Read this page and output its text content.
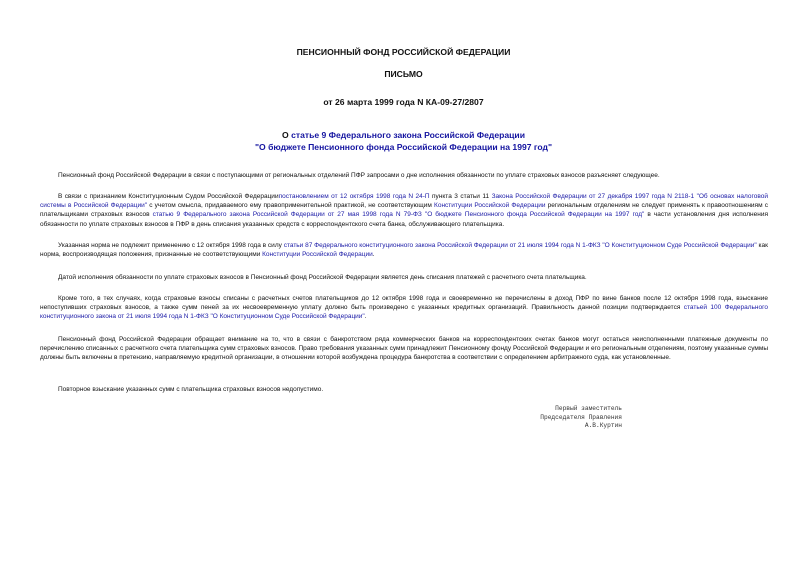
ПЕНСИОННЫЙ ФОНД РОССИЙСКОЙ ФЕДЕРАЦИИ
ПИСЬМО
от 26 марта 1999 года N КА-09-27/2807
О статье 9 Федерального закона Российской Федерации
"О бюджете Пенсионного фонда Российской Федерации на 1997 год"

Пенсионный фонд Российской Федерации в связи с поступающими от региональных отделений ПФР запросами о дне исполнения обязанности по уплате страховых взносов разъясняет следующее.

В связи с признанием Конституционным Судом Российской Федерациипостановлением от 12 октября 1998 года N 24-П пункта 3 статьи 11 Закона Российской Федерации от 27 декабря 1997 года N 2118-1 "Об основах налоговой системы в Российской Федерации" с учетом смысла, придаваемого ему правоприменительной практикой, не соответствующим Конституции Российской Федерации региональным отделениям не следует применять к правоотношениям с плательщиками страховых взносов статью 9 Федерального закона Российской Федерации от 27 мая 1998 года N 79-ФЗ "О бюджете Пенсионного фонда Российской Федерации на 1997 год" в части установления дня исполнения обязанности по уплате страховых взносов в ПФР в день списания указанных средств с корреспондентского счета банка, обслуживающего плательщика.

Указанная норма не подлежит применению с 12 октября 1998 года в силу статьи 87 Федерального конституционного закона Российской Федерации от 21 июля 1994 года N 1-ФКЗ "О Конституционном Суде Российской Федерации" как норма, воспроизводящая положения, признанные не соответствующими Конституции Российской Федерации.

Датой исполнения обязанности по уплате страховых взносов в Пенсионный фонд Российской Федерации является день списания платежей с расчетного счета плательщика.

Кроме того, в тех случаях, когда страховые взносы списаны с расчетных счетов плательщиков до 12 октября 1998 года и своевременно не перечислены в доход ПФР по вине банков после 12 октября 1998 года, взыскание непоступивших страховых взносов, а также сумм пеней за их несвоевременную уплату должно быть произведено с указанных кредитных организаций. Правильность данной позиции подтверждается статьей 100 Федерального конституционного закона от 21 июля 1994 года N 1-ФКЗ "О Конституционном Суде Российской Федерации".

Пенсионный фонд Российской Федерации обращает внимание на то, что в связи с банкротством ряда коммерческих банков на корреспондентских счетах банков могут остаться неисполненными платежные документы по перечислению списанных с расчетного счета плательщика сумм страховых взносов. Право требования указанных сумм принадлежит Пенсионному фонду Российской Федерации и его региональным отделениям, поэтому указанные суммы должны быть включены в претензию, направляемую кредитной организации, в отношении которой возбуждена процедура банкротства в соответствии с определением арбитражного суда, как установленные.

Повторное взыскание указанных сумм с плательщика страховых взносов недопустимо.

Первый заместитель
Председателя Правления
А.В.Куртин
